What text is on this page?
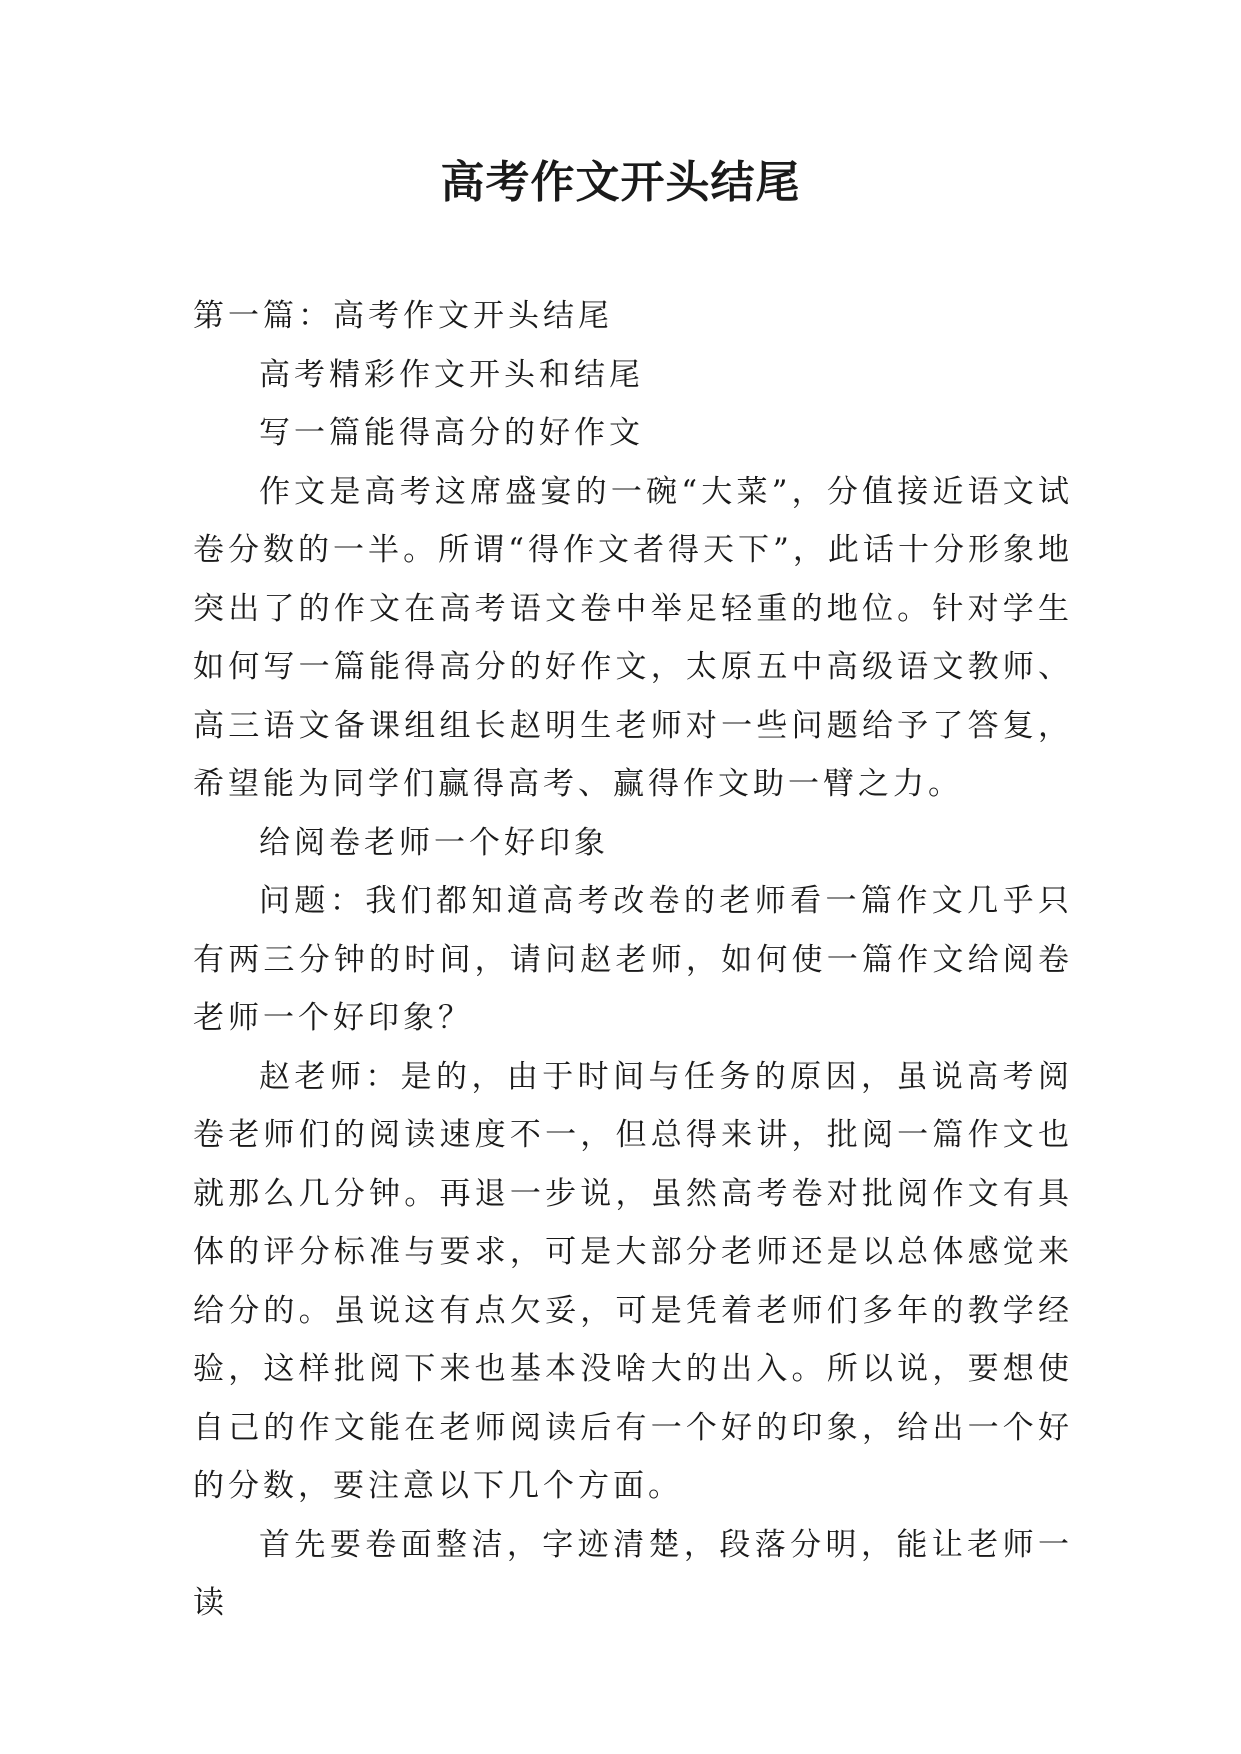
高考作文开头结尾

第一篇：高考作文开头结尾

高考精彩作文开头和结尾

写一篇能得高分的好作文

作文是高考这席盛宴的一碗“大菜”，分值接近语文试卷分数的一半。所谓“得作文者得天下”，此话十分形象地突出了的作文在高考语文卷中举足轻重的地位。针对学生如何写一篇能得高分的好作文，太原五中高级语文教师、高三语文备课组组长赵明生老师对一些问题给予了答复，希望能为同学们赢得高考、赢得作文助一臂之力。

给阅卷老师一个好印象

问题：我们都知道高考改卷的老师看一篇作文几乎只有两三分钟的时间，请问赵老师，如何使一篇作文给阅卷老师一个好印象？

赵老师：是的，由于时间与任务的原因，虽说高考阅卷老师们的阅读速度不一，但总得来讲，批阅一篇作文也就那么几分钟。再退一步说，虽然高考卷对批阅作文有具体的评分标准与要求，可是大部分老师还是以总体感觉来给分的。虽说这有点欠妥，可是凭着老师们多年的教学经验，这样批阅下来也基本没啥大的出入。所以说，要想使自己的作文能在老师阅读后有一个好的印象，给出一个好的分数，要注意以下几个方面。

首先要卷面整洁，字迹清楚，段落分明，能让老师一读
